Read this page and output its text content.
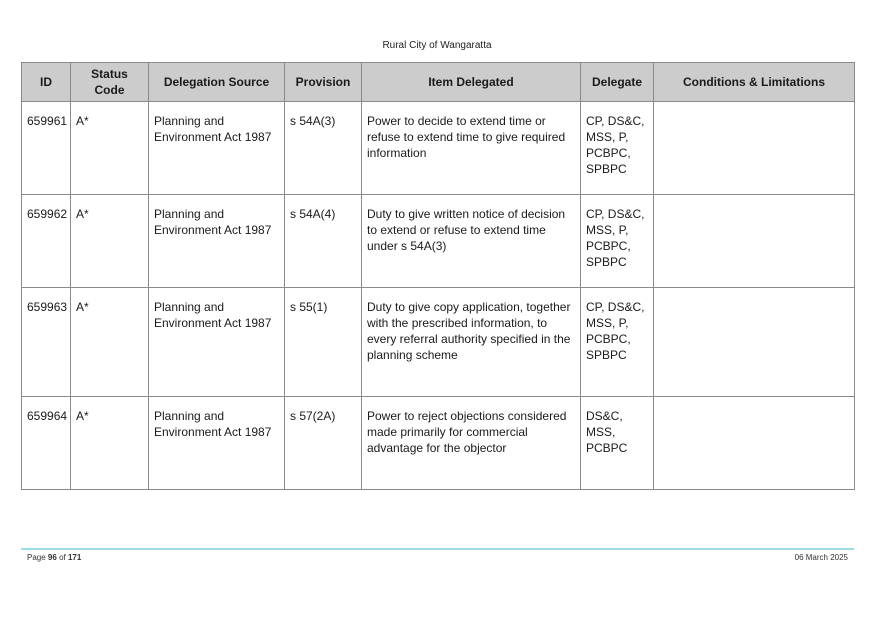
Rural City of Wangaratta
ID	Status Code	Delegation Source	Provision	Item Delegated	Delegate	Conditions & Limitations
659961	A*	Planning and Environment Act 1987	s 54A(3)	Power to decide to extend time or refuse to extend time to give required information	CP, DS&C, MSS, P, PCBPC, SPBPC	
659962	A*	Planning and Environment Act 1987	s 54A(4)	Duty to give written notice of decision to extend or refuse to extend time under s 54A(3)	CP, DS&C, MSS, P, PCBPC, SPBPC	
659963	A*	Planning and Environment Act 1987	s 55(1)	Duty to give copy application, together with the prescribed information, to every referral authority specified in the planning scheme	CP, DS&C, MSS, P, PCBPC, SPBPC	
659964	A*	Planning and Environment Act 1987	s 57(2A)	Power to reject objections considered made primarily for commercial advantage for the objector	DS&C, MSS, PCBPC	
Page 96 of 171	06 March 2025
